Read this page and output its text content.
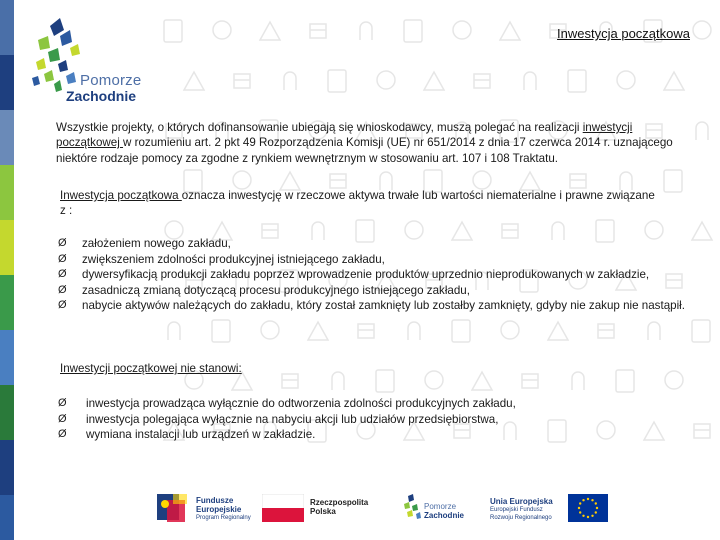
Inwestycja początkowa
Pomorze
Zachodnie
Wszystkie projekty, o których dofinansowanie ubiegają się wnioskodawcy, muszą polegać na realizacji inwestycji początkowej w rozumieniu art. 2 pkt 49 Rozporządzenia Komisji (UE) nr 651/2014 z dnia 17 czerwca 2014 r. uznającego niektóre rodzaje pomocy za zgodne z rynkiem wewnętrznym w stosowaniu art. 107 i 108 Traktatu.
Inwestycja początkowa oznacza inwestycję w rzeczowe aktywa trwałe lub wartości niematerialne i prawne związane z :
Ø założeniem nowego zakładu,
Ø zwiększeniem zdolności produkcyjnej istniejącego zakładu,
Ø dywersyfikacją produkcji zakładu poprzez wprowadzenie produktów uprzednio nieprodukowanych w zakładzie,
Ø zasadniczą zmianą dotyczącą procesu produkcyjnego istniejącego zakładu,
Ø nabycie aktywów należących do zakładu, który został zamknięty lub zostałby zamknięty, gdyby nie zakup nie nastąpił.
Inwestycji początkowej nie stanowi:
Ø inwestycja prowadząca wyłącznie do odtworzenia zdolności produkcyjnych zakładu,
Ø inwestycja polegająca wyłącznie na nabyciu akcji lub udziałów przedsiębiorstwa,
Ø wymiana instalacji lub urządzeń w zakładzie.
Fundusze
Europejskie
Program Regionalny
Rzeczpospolita
Polska
Pomorze
Zachodnie
Unia Europejska
Europejski Fundusz
Rozwoju Regionalnego
